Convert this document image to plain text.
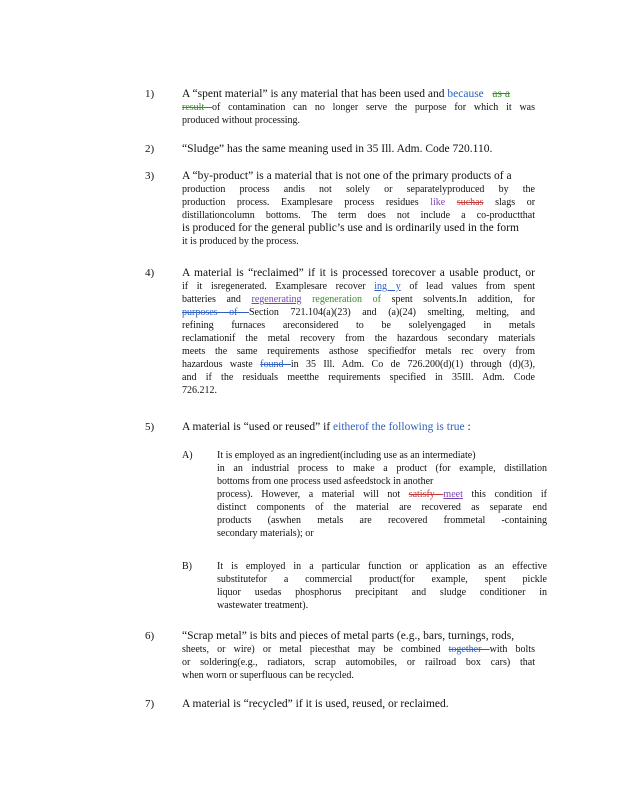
1) A “spent material” is any material that has been used and because as a
result of contamination can no longer serve the purpose for which it was
produced without processing.
2) “Sludge” has the same meaning used in 35 Ill. Adm. Code 720.110.
3) A “by-product” is a material that is not one of the primary products of a
production process andis not solely or separatelyproduced by the
production process. Examplesare process residues like suchas slags or
distillationcolumn bottoms. The term does not include a co-productthat
is produced for the general public’s use and is ordinarily used in the form
it is produced by the process.
4) A material is “reclaimed” if it is processed torecover a usable product, or
if it isregenerated. Examplesare recover ing y of lead values from spent
batteries and regenerating regeneration of spent solvents.In addition, for
purposes of Section 721.104(a)(23) and (a)(24) smelting, melting, and
refining furnaces areconsidered to be solelyengaged in metals
reclamationif the metal recovery from the hazardous secondary materials
meets the same requirements asthose specifiedfor metals rec overy from
hazardous waste found in 35 Ill. Adm. Co de 726.200(d)(1) through (d)(3),
and if the residuals meetthe requirements specified in 35Ill. Adm. Code
726.212.
5) A material is “used or reused” if eitherof the following is true :
A) It is employed as an ingredient(including use as an intermediate)
in an industrial process to make a product (for example, distillation
bottoms from one process used asfeedstock in another
process). However, a material will not satisfy meet this condition if
distinct components of the material are recovered as separate end
products (aswhen metals are recovered frommetal -containing
secondary materials); or
B)	It is employed in a particular function or application as an effective
substitutefor a commercial product(for example, spent pickle
liquor usedas phosphorus precipitant and sludge conditioner in
wastewater treatment).
6) “Scrap metal” is bits and pieces of metal parts (e.g., bars, turnings, rods,
sheets, or wire) or metal piecesthat may be combined together with bolts
or soldering(e.g., radiators, scrap automobiles, or railroad box cars) that
when worn or superfluous can be recycled.
7) A material is “recycled” if it is used, reused, or reclaimed.
